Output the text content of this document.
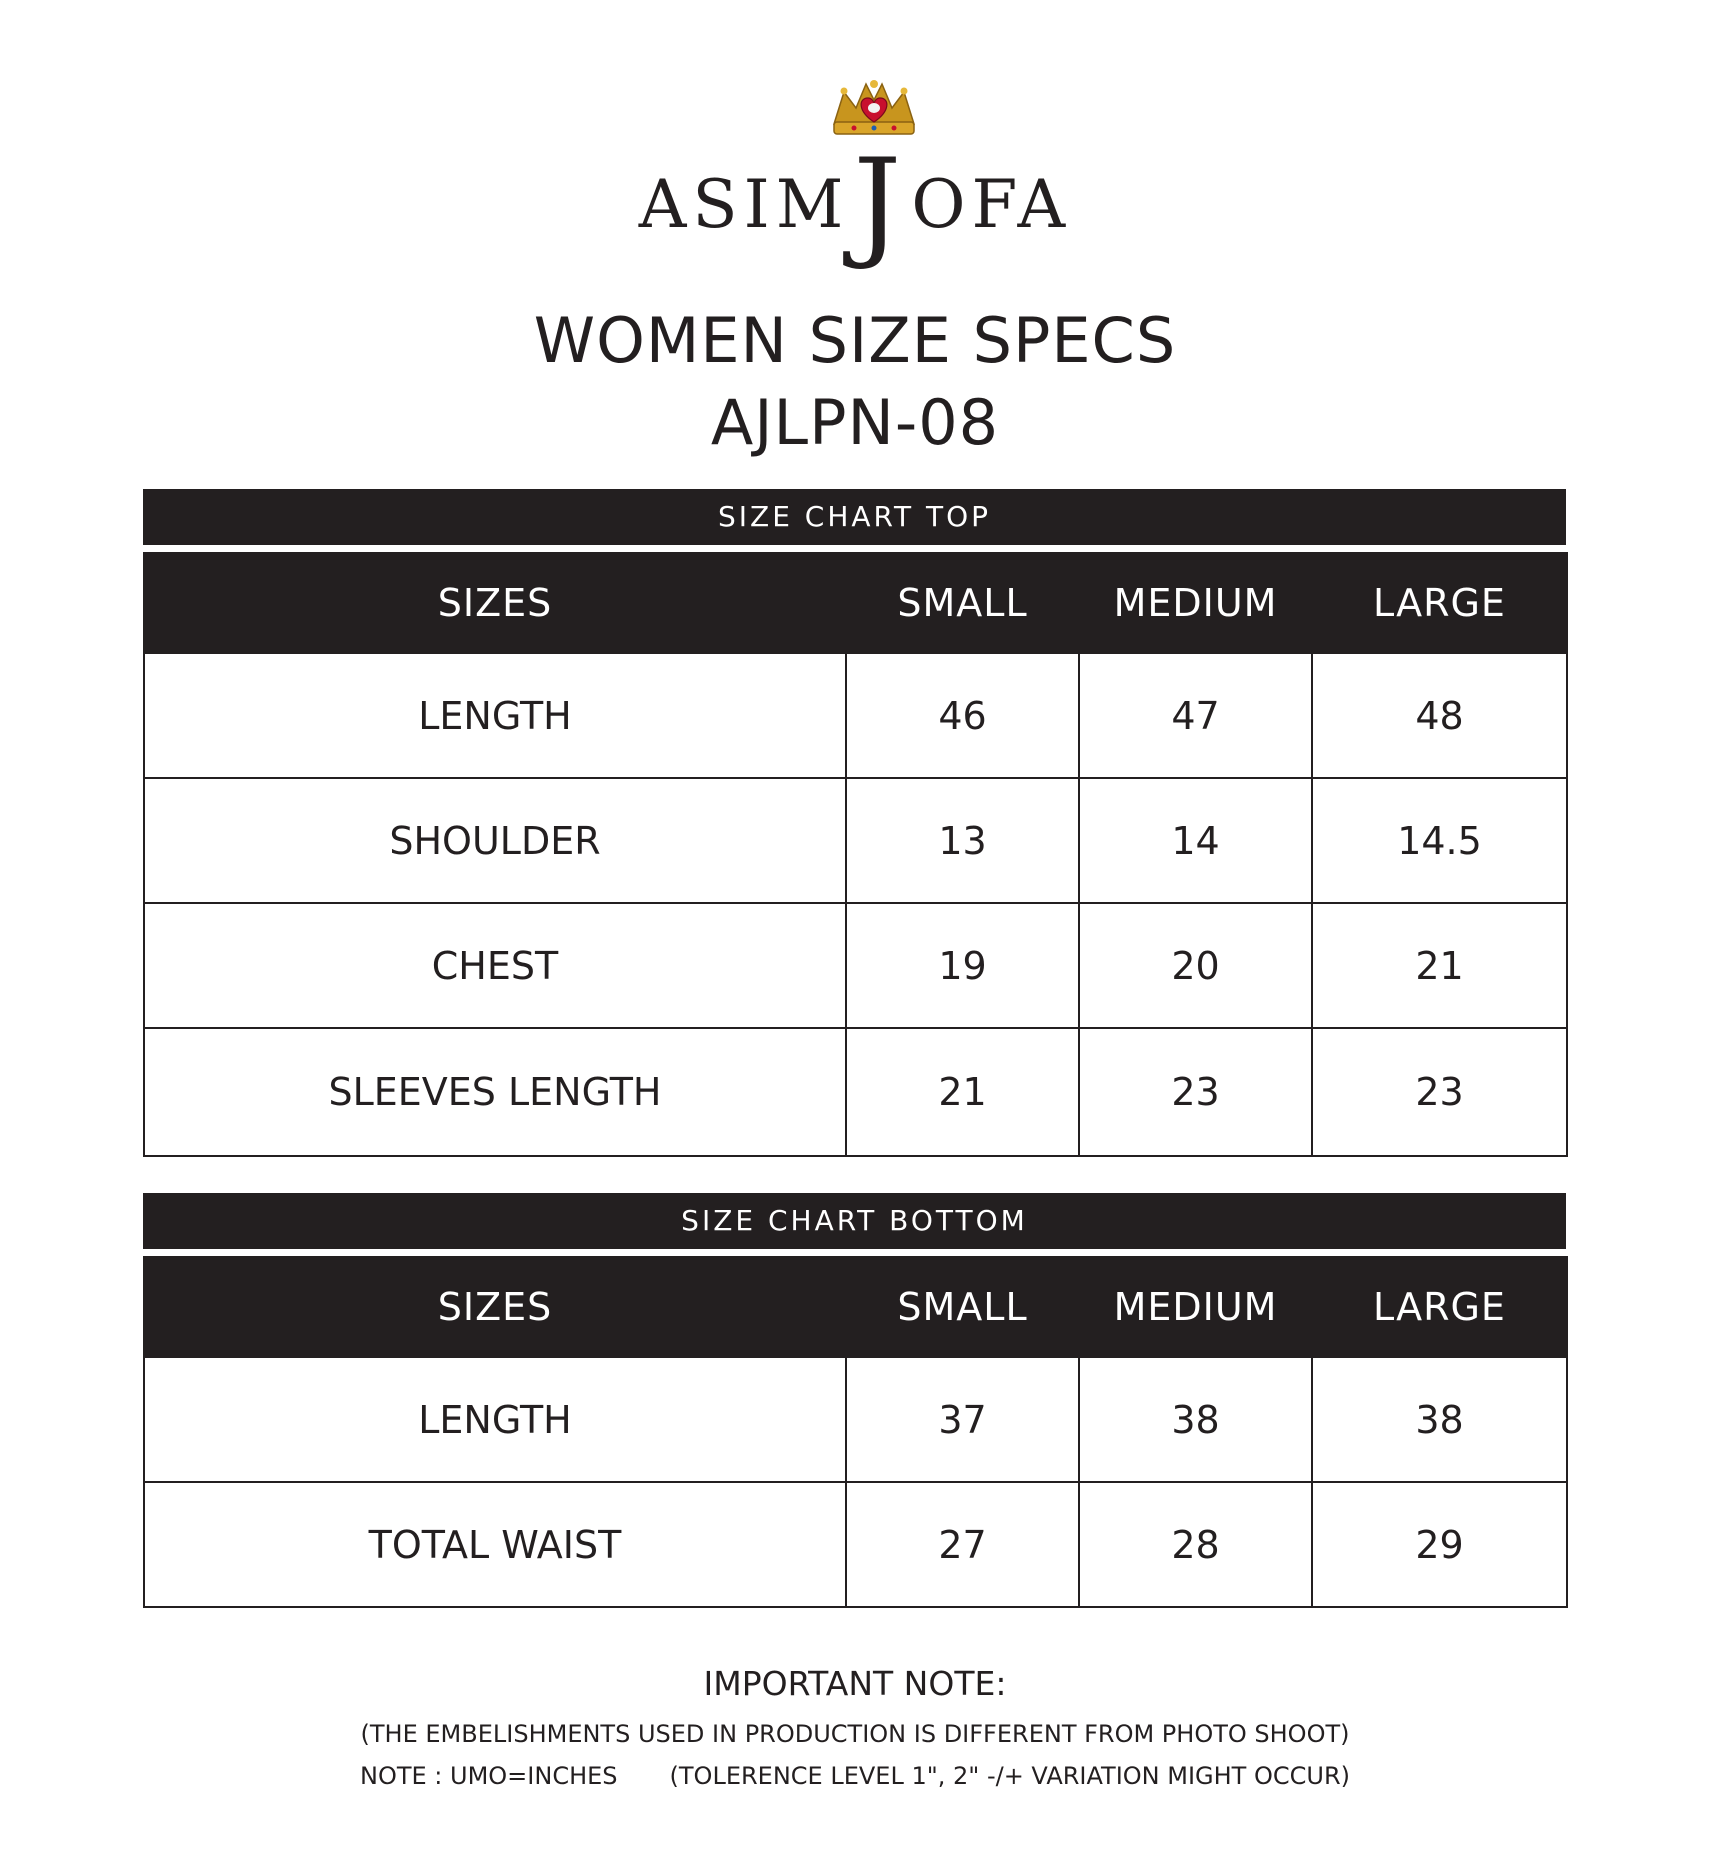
ASIMJOFA
WOMEN SIZE SPECS
AJLPN-08
SIZE CHART TOP
SIZES	SMALL	MEDIUM	LARGE
LENGTH	46	47	48
SHOULDER	13	14	14.5
CHEST	19	20	21
SLEEVES LENGTH	21	23	23
SIZE CHART BOTTOM
SIZES	SMALL	MEDIUM	LARGE
LENGTH	37	38	38
TOTAL WAIST	27	28	29
IMPORTANT NOTE:
(THE EMBELISHMENTS USED IN PRODUCTION IS DIFFERENT FROM PHOTO SHOOT)
NOTE : UMO=INCHES (TOLERENCE LEVEL 1", 2" -/+ VARIATION MIGHT OCCUR)
